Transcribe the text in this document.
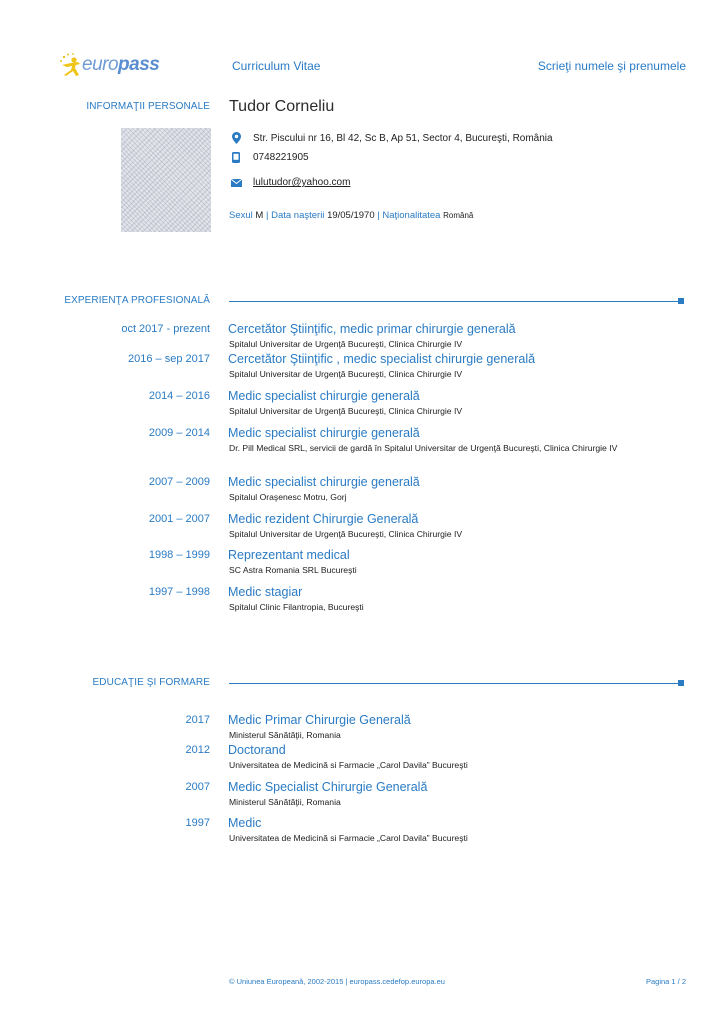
europass	Curriculum Vitae	Scrieţi numele şi prenumele
INFORMAŢII PERSONALE Tudor Corneliu
Str. Piscului nr 16, Bl 42, Sc B, Ap 51, Sector 4, Bucureşti, România
0748221905
lulutudor@yahoo.com
Sexul M | Data naşterii 19/05/1970 | Naţionalitatea Română
EXPERIENŢA PROFESIONALĂ
oct 2017 - prezent Cercetător Ştiinţific, medic primar chirurgie generală
Spitalul Universitar de Urgenţă Bucureşti, Clinica Chirurgie IV
2016 – sep 2017 Cercetător Ştiinţific , medic specialist chirurgie generală
Spitalul Universitar de Urgenţă Bucureşti, Clinica Chirurgie IV
2014 – 2016 Medic specialist chirurgie generală
Spitalul Universitar de Urgenţă Bucureşti, Clinica Chirurgie IV
2009 – 2014 Medic specialist chirurgie generală
Dr. Pill Medical SRL, servicii de gardă în Spitalul Universitar de Urgenţă Bucureşti, Clinica Chirurgie IV
2007 – 2009 Medic specialist chirurgie generală
Spitalul Oraşenesc Motru, Gorj
2001 – 2007 Medic rezident Chirurgie Generală
Spitalul Universitar de Urgenţă Bucureşti, Clinica Chirurgie IV
1998 – 1999 Reprezentant medical
SC Astra Romania SRL Bucureşti
1997 – 1998 Medic stagiar
Spitalul Clinic Filantropia, Bucureşti
EDUCAŢIE ŞI FORMARE
2017 Medic Primar Chirurgie Generală
Ministerul Sănătăţii, Romania
2012 Doctorand
Universitatea de Medicină si Farmacie „Carol Davila” Bucureşti
2007 Medic Specialist Chirurgie Generală
Ministerul Sănătăţii, Romania
1997 Medic
Universitatea de Medicină si Farmacie „Carol Davila” Bucureşti
© Uniunea Europeană, 2002-2015 | europass.cedefop.europa.eu	Pagina 1 / 2
